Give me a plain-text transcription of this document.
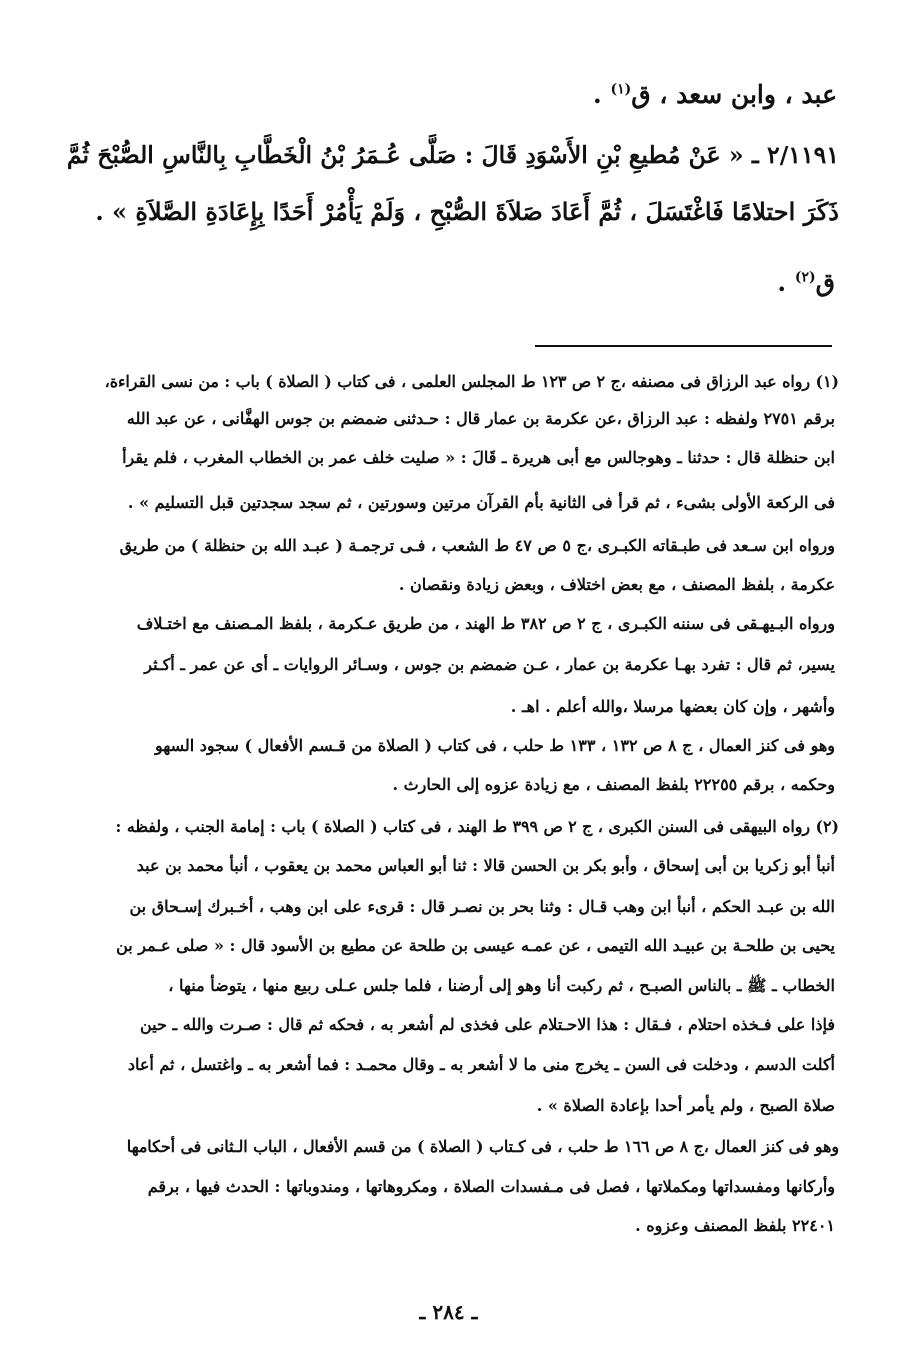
عبد ، وابن سعد ، ق$^{(١)}$ .
٢/١١٩١ ـ « عَنْ مُطيعِ بْنِ الأَسْوَدِ قَالَ : صَلَّى عُـمَرُ بْنُ الْخَطَّابِ بِالنَّاسِ الصُّبْحَ ثُمَّ
ذَكَرَ احتلامًا فَاغْتَسَلَ ، ثُمَّ أَعَادَ صَلاَةَ الصُّبْحِ ، وَلَمْ يَأْمُرْ أَحَدًا بِإِعَادَةِ الصَّلاَةِ » .
ق$^{(٢)}$ .
(١) رواه عبد الرزاق فى مصنفه ،ج ٢ ص ١٢٣ ط المجلس العلمى ، فى كتاب ( الصلاة ) باب : من نسى القراءة،
برقم ٢٧٥١ ولفظه : عبد الرزاق ،عن عكرمة بن عمار قال : حـدثنى ضمضم بن جوس الهفَّانى ، عن عبد الله
ابن حنظلة قال : حدثنا ـ وهوجالس مع أبى هريرة ـ قَالَ : « صليت خلف عمر بن الخطاب المغرب ، فلم يقرأ
فى الركعة الأولى بشىء ، ثم قرأ فى الثانية بأم القرآن مرتين وسورتين ، ثم سجد سجدتين قبل التسليم » .
ورواه ابن سـعد فى طبـقاته الكبـرى ،ج ٥ ص ٤٧ ط الشعب ، فـى ترجمـة ( عبـد الله بن حنظلة ) من طريق
عكرمة ، بلفظ المصنف ، مع بعض اختلاف ، وبعض زيادة ونقصان .
ورواه البـيهـقى فى سننه الكبـرى ، ج ٢ ص ٣٨٢ ط الهند ، من طريق عـكرمة ، بلفظ المـصنف مع اختـلاف
يسير، ثم قال : تفرد بهـا عكرمة بن عمار ، عـن ضمضم بن جوس ، وسـائر الروايات ـ أى عن عمر ـ أكـثر
وأشهر ، وإن كان بعضها مرسلا ،والله أعلم . اهـ .
وهو فى كنز العمال ، ج ٨ ص ١٣٢ ، ١٣٣ ط حلب ، فى كتاب ( الصلاة من قـسم الأفعال ) سجود السهو
وحكمه ، برقم ٢٢٢٥٥ بلفظ المصنف ، مع زيادة عزوه إلى الحارث .
(٢) رواه البيهقى فى السنن الكبرى ، ج ٢ ص ٣٩٩ ط الهند ، فى كتاب ( الصلاة ) باب : إمامة الجنب ، ولفظه :
أنبأ أبو زكريا بن أبى إسحاق ، وأبو بكر بن الحسن قالا : ثنا أبو العباس محمد بن يعقوب ، أنبأ محمد بن عبد
الله بن عبـد الحكم ، أنبأ ابن وهب قـال : وثنا بحر بن نصـر قال : قرىء على ابن وهب ، أخـبرك إسـحاق بن
يحيى بن طلحـة بن عبيـد الله التيمى ، عن عمـه عيسى بن طلحة عن مطيع بن الأسود قال : « صلى عـمر بن
الخطاب ـ ﷺ ـ بالناس الصبـح ، ثم ركبت أنا وهو إلى أرضنا ، فلما جلس عـلى ربيع منها ، يتوضأ منها ،
فإذا على فـخذه احتلام ، فـقال : هذا الاحـتلام على فخذى لم أشعر به ، فحكه ثم قال : صـرت والله ـ حين
أكلت الدسم ، ودخلت فى السن ـ يخرج منى ما لا أشعر به ـ وقال محمـد : فما أشعر به ـ واغتسل ، ثم أعاد
صلاة الصبح ، ولم يأمر أحدا بإعادة الصلاة » .
وهو فى كنز العمال ،ج ٨ ص ١٦٦ ط حلب ، فى كـتاب ( الصلاة ) من قسم الأفعال ، الباب الـثانى فى أحكامها
وأركانها ومفسداتها ومكملاتها ، فصل فى مـفسدات الصلاة ، ومكروهاتها ، ومندوباتها : الحدث فيها ، برقم
٢٢٤٠١ بلفظ المصنف وعزوه .
ـ ٢٨٤ ـ
